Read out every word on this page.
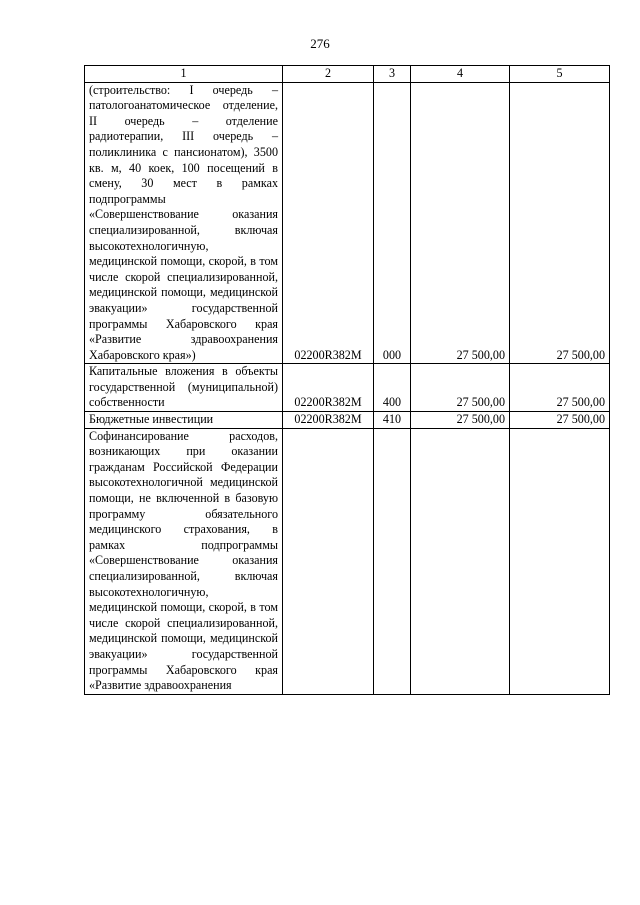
276
1	2	3	4	5
(строительство: I очередь – патологоанатомическое отделение, II очередь – отделение радиотерапии, III очередь – поликлиника с пансионатом), 3500 кв. м, 40 коек, 100 посещений в смену, 30 мест в рамках подпрограммы «Совершенствование оказания специализированной, включая высокотехнологичную, медицинской помощи, скорой, в том числе скорой специализированной, медицинской помощи, медицинской эвакуации» государственной программы Хабаровского края «Развитие здравоохранения Хабаровского края»)	02200R382M	000	27 500,00	27 500,00
Капитальные вложения в объекты государственной (муниципальной) собственности	02200R382M	400	27 500,00	27 500,00
Бюджетные инвестиции	02200R382M	410	27 500,00	27 500,00
Софинансирование расходов, возникающих при оказании гражданам Российской Федерации высокотехнологичной медицинской помощи, не включенной в базовую программу обязательного медицинского страхования, в рамках подпрограммы «Совершенствование оказания специализированной, включая высокотехнологичную, медицинской помощи, скорой, в том числе скорой специализированной, медицинской помощи, медицинской эвакуации» государственной программы Хабаровского края «Развитие здравоохранения				
